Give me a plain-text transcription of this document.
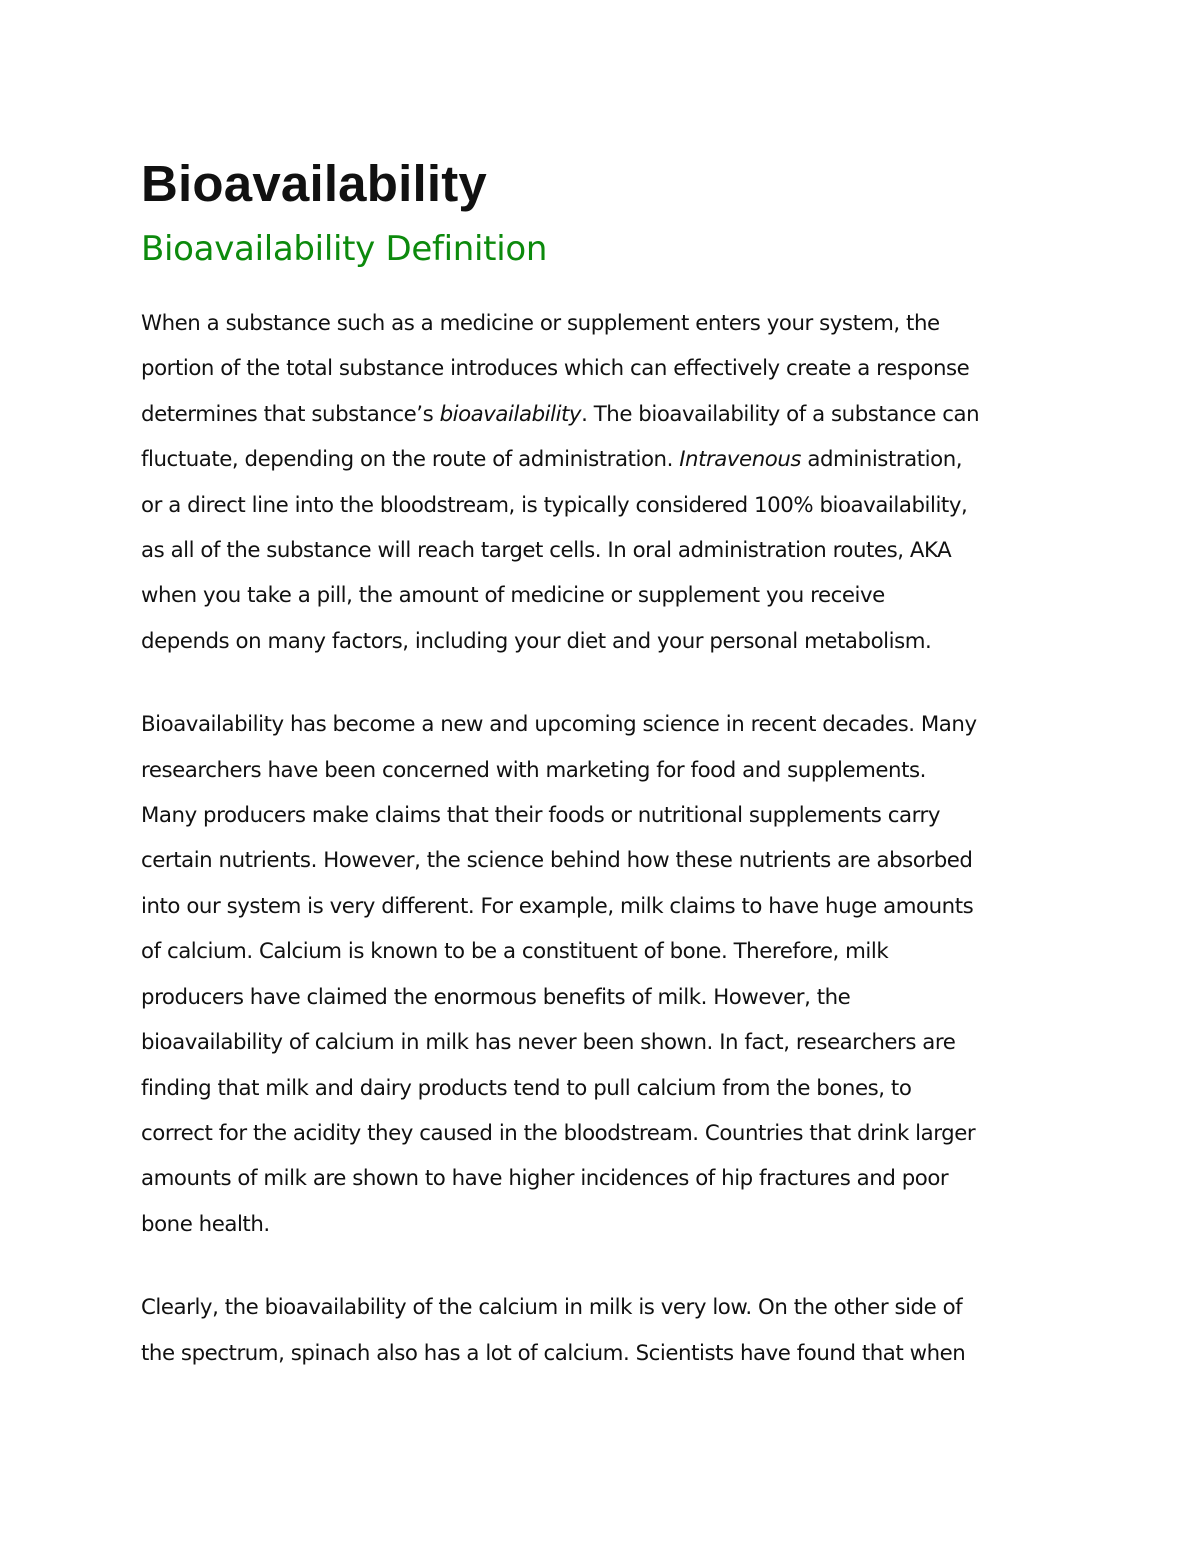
Bioavailability
Bioavailability Definition

When a substance such as a medicine or supplement enters your system, the
portion of the total substance introduces which can effectively create a response
determines that substance’s bioavailability. The bioavailability of a substance can
fluctuate, depending on the route of administration. Intravenous administration,
or a direct line into the bloodstream, is typically considered 100% bioavailability,
as all of the substance will reach target cells. In oral administration routes, AKA
when you take a pill, the amount of medicine or supplement you receive
depends on many factors, including your diet and your personal metabolism.

Bioavailability has become a new and upcoming science in recent decades. Many
researchers have been concerned with marketing for food and supplements.
Many producers make claims that their foods or nutritional supplements carry
certain nutrients. However, the science behind how these nutrients are absorbed
into our system is very different. For example, milk claims to have huge amounts
of calcium. Calcium is known to be a constituent of bone. Therefore, milk
producers have claimed the enormous benefits of milk. However, the
bioavailability of calcium in milk has never been shown. In fact, researchers are
finding that milk and dairy products tend to pull calcium from the bones, to
correct for the acidity they caused in the bloodstream. Countries that drink larger
amounts of milk are shown to have higher incidences of hip fractures and poor
bone health.

Clearly, the bioavailability of the calcium in milk is very low. On the other side of
the spectrum, spinach also has a lot of calcium. Scientists have found that when
